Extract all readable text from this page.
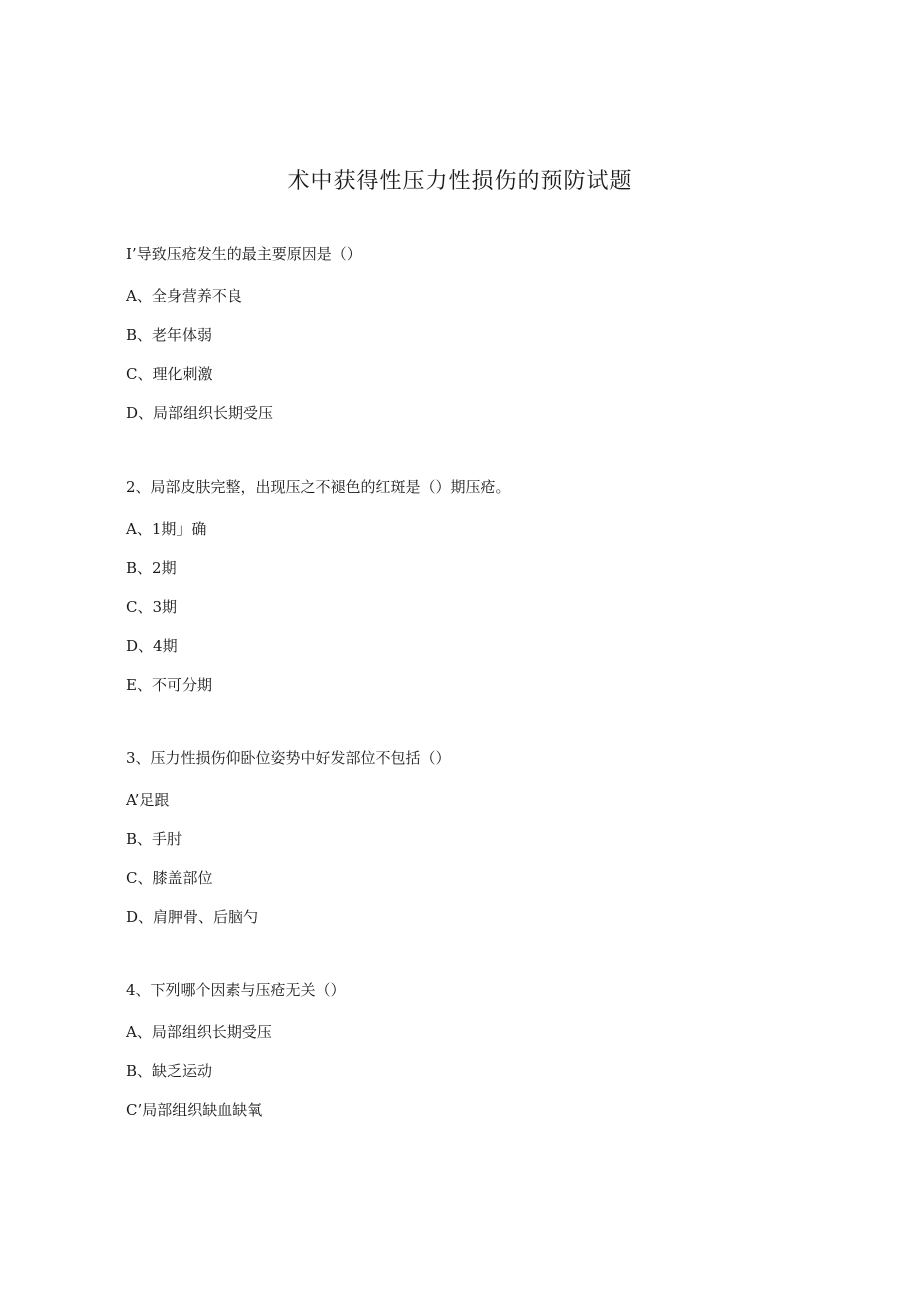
术中获得性压力性损伤的预防试题

I’导致压疮发生的最主要原因是（）

A、全身营养不良

B、老年体弱

C、理化刺激

D、局部组织长期受压

2、局部皮肤完整，出现压之不褪色的红斑是（）期压疮。

A、1期」确

B、2期

C、3期

D、4期

E、不可分期

3、压力性损伤仰卧位姿势中好发部位不包括（）

A’足跟

B、手肘

C、膝盖部位

D、肩胛骨、后脑勺

4、下列哪个因素与压疮无关（）

A、局部组织长期受压

B、缺乏运动

C’局部组织缺血缺氧
